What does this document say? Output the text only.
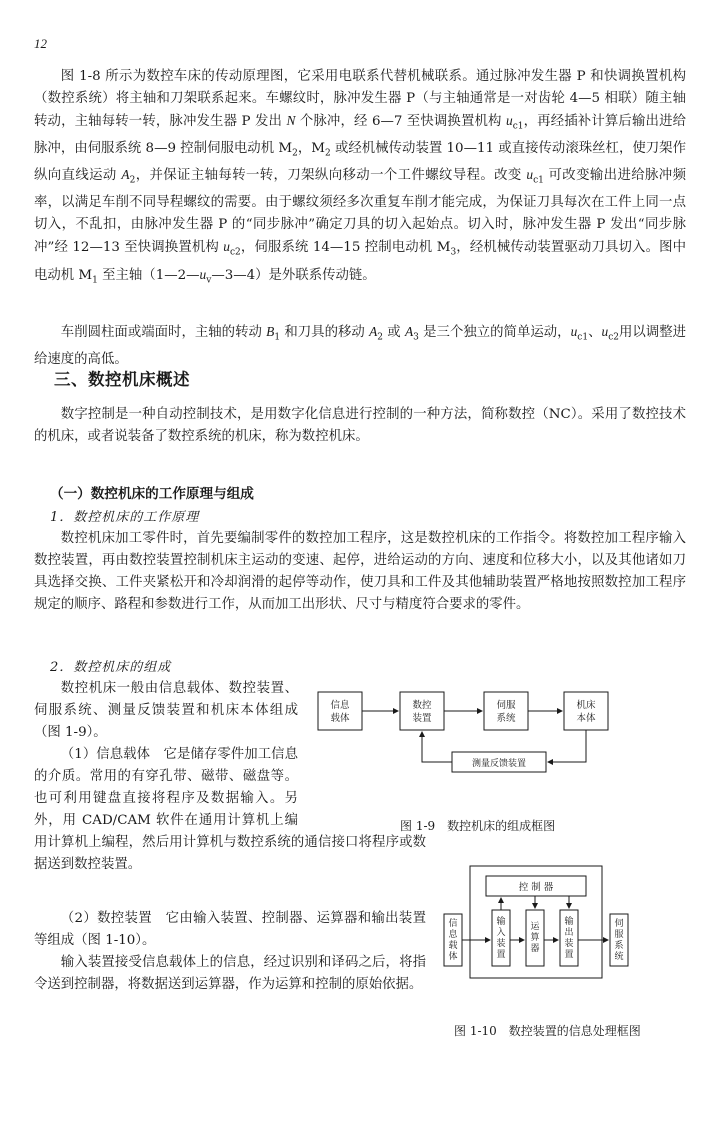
12

图 1-8 所示为数控车床的传动原理图，它采用电联系代替机械联系。通过脉冲发生器 P 和快调换置机构（数控系统）将主轴和刀架联系起来。车螺纹时，脉冲发生器 P（与主轴通常是一对齿轮 4—5 相联）随主轴转动，主轴每转一转，脉冲发生器 P 发出 N 个脉冲，经 6—7 至快调换置机构 $u_{c1}$，再经插补计算后输出进给脉冲，由伺服系统 8—9 控制伺服电动机 $M_2$，$M_2$ 或经机械传动装置 10—11 或直接传动滚珠丝杠，使刀架作纵向直线运动 $A_2$，并保证主轴每转一转，刀架纵向移动一个工件螺纹导程。改变 $u_{c1}$ 可改变输出进给脉冲频率，以满足车削不同导程螺纹的需要。由于螺纹须经多次重复车削才能完成，为保证刀具每次在工件上同一点切入，不乱扣，由脉冲发生器 P 的“同步脉冲”确定刀具的切入起始点。切入时，脉冲发生器 P 发出“同步脉冲”经 12—13 至快调换置机构 $u_{c2}$，伺服系统 14—15 控制电动机 $M_3$，经机械传动装置驱动刀具切入。图中电动机 $M_1$ 至主轴$(1—2—u_v—3—4)$是外联系传动链。

车削圆柱面或端面时，主轴的转动 $B_1$ 和刀具的移动 $A_2$ 或 $A_3$ 是三个独立的简单运动，$u_{c1}$、$u_{c2}$用以调整进给速度的高低。

三、数控机床概述

数字控制是一种自动控制技术，是用数字化信息进行控制的一种方法，简称数控（NC）。采用了数控技术的机床，或者说装备了数控系统的机床，称为数控机床。

（一）数控机床的工作原理与组成
1．数控机床的工作原理

数控机床加工零件时，首先要编制零件的数控加工程序，这是数控机床的工作指令。将数控加工程序输入数控装置，再由数控装置控制机床主运动的变速、起停，进给运动的方向、速度和位移大小，以及其他诸如刀具选择交换、工件夹紧松开和冷却润滑的起停等动作，使刀具和工件及其他辅助装置严格地按照数控加工程序规定的顺序、路程和参数进行工作，从而加工出形状、尺寸与精度符合要求的零件。

2．数控机床的组成

数控机床一般由信息载体、数控装置、伺服系统、测量反馈装置和机床本体组成（图 1-9）。

（1）信息载体　它是储存零件加工信息的介质。常用的有穿孔带、磁带、磁盘等。也可利用键盘直接将程序及数据输入。另外，用 CAD/CAM 软件在通用计算机上编

用计算机上编程，然后用计算机与数控系统的通信接口将程序或数据送到数控装置。

（2）数控装置　它由输入装置、控制器、运算器和输出装置等组成（图 1-10）。

输入装置接受信息载体上的信息，经过识别和译码之后，将指令送到控制器，将数据送到运算器，作为运算和控制的原始依据。

信息
载体
数控
装置
伺服
系统
机床
本体
测量反馈装置
图 1-9　数控机床的组成框图
控 制 器
信
息
载
体
输
入
装
置
运
算
器
输
出
装
置
伺
服
系
统
图 1-10　数控装置的信息处理框图
